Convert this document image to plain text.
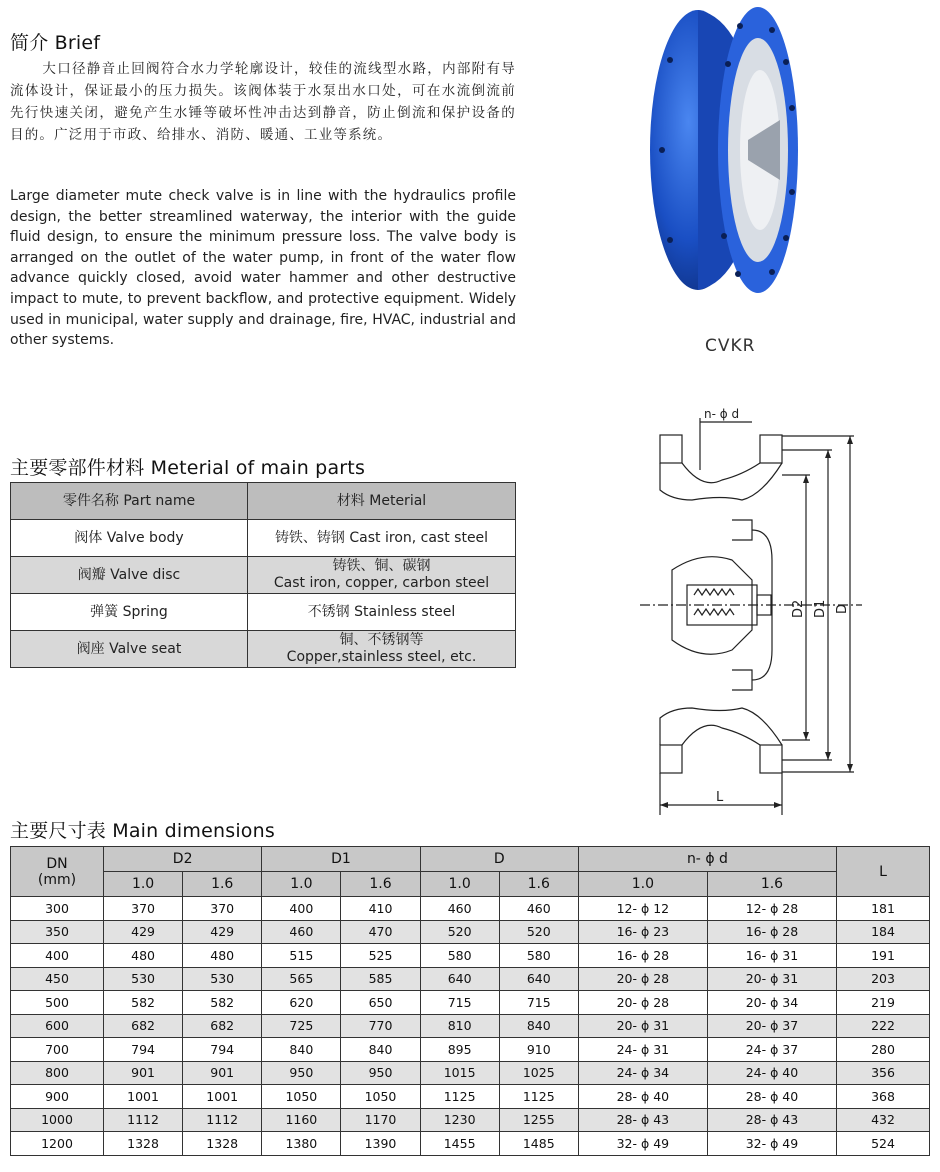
简介 Brief
大口径静音止回阀符合水力学轮廓设计，较佳的流线型水路，内部附有导流体设计，保证最小的压力损失。该阀体装于水泵出水口处，可在水流倒流前先行快速关闭，避免产生水锤等破坏性冲击达到静音，防止倒流和保护设备的目的。广泛用于市政、给排水、消防、暖通、工业等系统。
Large diameter mute check valve is in line with the hydraulics profile design, the better streamlined waterway, the interior with the guide fluid design, to ensure the minimum pressure loss. The valve body is arranged on the outlet of the water pump, in front of the water flow advance quickly closed, avoid water hammer and other destructive impact to mute, to prevent backflow, and protective equipment. Widely used in municipal, water supply and drainage, fire, HVAC, industrial and other systems.	CVKR
n- ϕ d
D2 D1 D
L
主要零部件材料 Meterial of main parts
零件名称 Part name	材料 Meterial
阀体 Valve body	铸铁、铸钢 Cast iron, cast steel
阀瓣 Valve disc	铸铁、铜、碳钢
Cast iron, copper, carbon steel
弹簧 Spring	不锈钢 Stainless steel
阀座 Valve seat	铜、不锈钢等
Copper,stainless steel, etc.
主要尺寸表 Main dimensions
DN
(mm)	D2		D1		D		n- ϕ d		L
	1.0	1.6	1.0	1.6	1.0	1.6	1.0	1.6	
300	370	370	400	410	460	460	12- ϕ 12	12- ϕ 28	181
350	429	429	460	470	520	520	16- ϕ 23	16- ϕ 28	184
400	480	480	515	525	580	580	16- ϕ 28	16- ϕ 31	191
450	530	530	565	585	640	640	20- ϕ 28	20- ϕ 31	203
500	582	582	620	650	715	715	20- ϕ 28	20- ϕ 34	219
600	682	682	725	770	810	840	20- ϕ 31	20- ϕ 37	222
700	794	794	840	840	895	910	24- ϕ 31	24- ϕ 37	280
800	901	901	950	950	1015	1025	24- ϕ 34	24- ϕ 40	356
900	1001	1001	1050	1050	1125	1125	28- ϕ 40	28- ϕ 40	368
1000	1112	1112	1160	1170	1230	1255	28- ϕ 43	28- ϕ 43	432
1200	1328	1328	1380	1390	1455	1485	32- ϕ 49	32- ϕ 49	524
